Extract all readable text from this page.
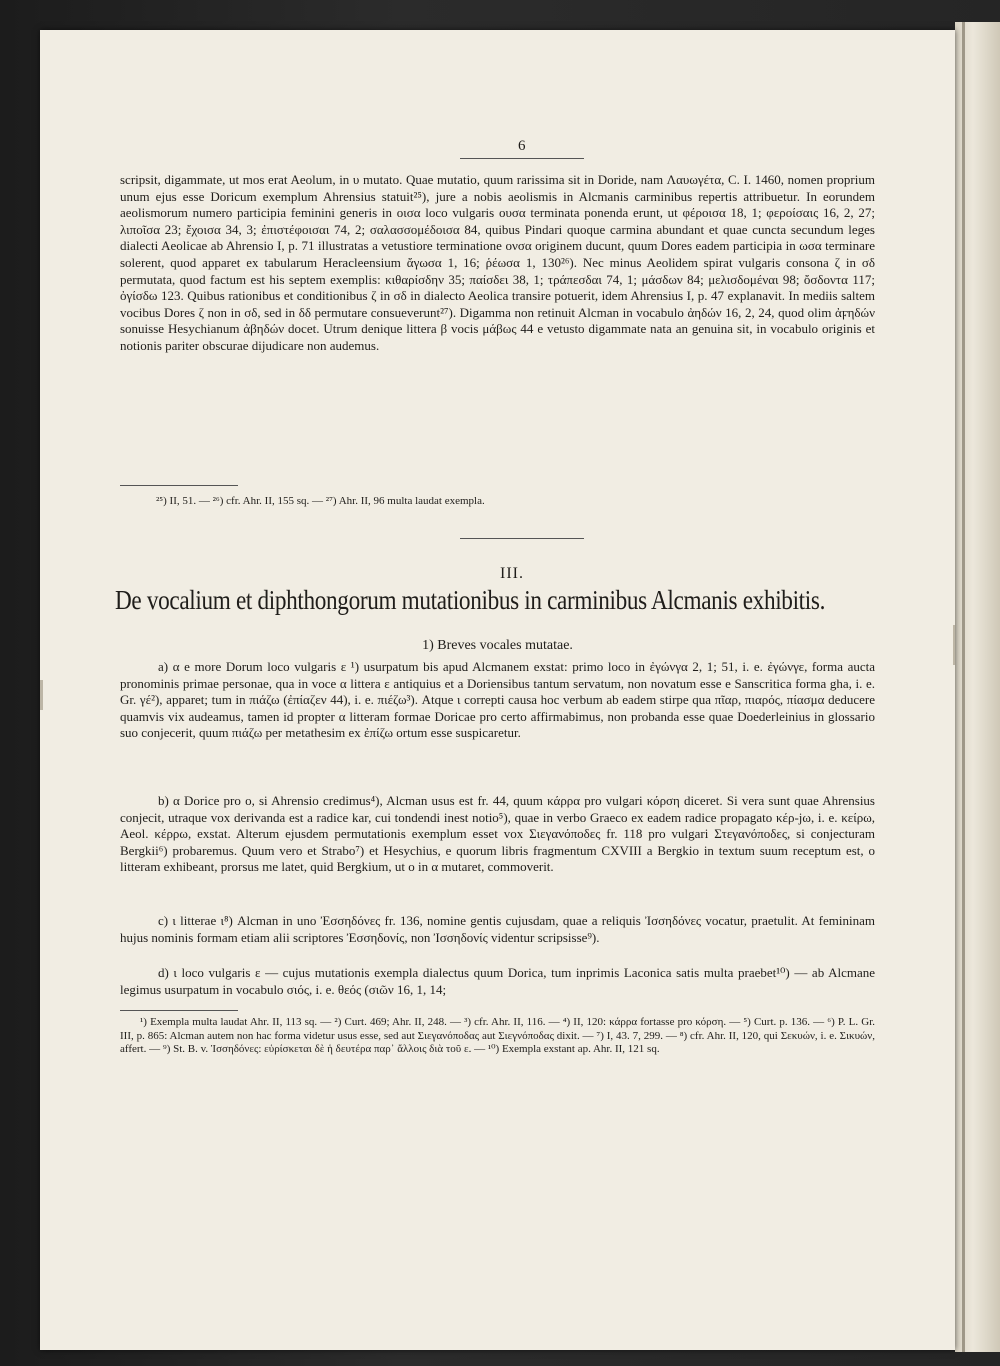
6

scripsit, digammate, ut mos erat Aeolum, in υ mutato. Quae mutatio, quum rarissima sit in Doride, nam Λαυωγέτα, C. I. 1460, nomen proprium unum ejus esse Doricum exemplum Ahrensius statuit²⁵), jure a nobis aeolismis in Alcmanis carminibus repertis attribuetur. In eorundem aeolismorum numero participia feminini generis in οισα loco vulgaris ουσα terminata ponenda erunt, ut φέροισα 18, 1; φεροίσαις 16, 2, 27; λιποῖσα 23; ἔχοισα 34, 3; ἐπιστέφοισαι 74, 2; σαλασσομέδοισα 84, quibus Pindari quoque carmina abundant et quae cuncta secundum leges dialecti Aeolicae ab Ahrensio I, p. 71 illustratas a vetustiore terminatione ονσα originem ducunt, quum Dores eadem participia in ωσα terminare solerent, quod apparet ex tabularum Heracleensium ἄγωσα 1, 16; ῥέωσα 1, 130²⁶). Nec minus Aeolidem spirat vulgaris consona ζ in σδ permutata, quod factum est his septem exemplis: κιθαρίσδην 35; παίσδει 38, 1; τράπεσδαι 74, 1; μάσδων 84; μελισδομέναι 98; ὄσδοντα 117; ὀγίσδω 123. Quibus rationibus et conditionibus ζ in σδ in dialecto Aeolica transire potuerit, idem Ahrensius I, p. 47 explanavit. In mediis saltem vocibus Dores ζ non in σδ, sed in δδ permutare consueverunt²⁷). Digamma non retinuit Alcman in vocabulo ἀηδών 16, 2, 24, quod olim ἀϝηδών sonuisse Hesychianum ἀβηδών docet. Utrum denique littera β vocis μάβως 44 e vetusto digammate nata an genuina sit, in vocabulo originis et notionis pariter obscurae dijudicare non audemus.

²⁵) II, 51. — ²⁶) cfr. Ahr. II, 155 sq. — ²⁷) Ahr. II, 96 multa laudat exempla.
III.
De vocalium et diphthongorum mutationibus in carminibus Alcmanis exhibitis.
1) Breves vocales mutatae.

a) α e more Dorum loco vulgaris ε ¹) usurpatum bis apud Alcmanem exstat: primo loco in ἐγώνγα 2, 1; 51, i. e. ἐγώνγε, forma aucta pronominis primae personae, qua in voce α littera ε antiquius et a Doriensibus tantum servatum, non novatum esse e Sanscritica forma gha, i. e. Gr. γέ²), apparet; tum in πιάζω (ἐπίαζεν 44), i. e. πιέζω³). Atque ι correpti causa hoc verbum ab eadem stirpe qua πῖαρ, πιαρός, πίασμα deducere quamvis vix audeamus, tamen id propter α litteram formae Doricae pro certo affirmabimus, non probanda esse quae Doederleinius in glossario suo conjecerit, quum πιάζω per metathesim ex ἐπίζω ortum esse suspicaretur.

b) α Dorice pro ο, si Ahrensio credimus⁴), Alcman usus est fr. 44, quum κάρρα pro vulgari κόρση diceret. Si vera sunt quae Ahrensius conjecit, utraque vox derivanda est a radice kar, cui tondendi inest notio⁵), quae in verbo Graeco ex eadem radice propagato κέρ-jω, i. e. κείρω, Aeol. κέρρω, exstat. Alterum ejusdem permutationis exemplum esset vox Σιεγανόποδες fr. 118 pro vulgari Στεγανόποδες, si conjecturam Bergkii⁶) probaremus. Quum vero et Strabo⁷) et Hesychius, e quorum libris fragmentum CXVIII a Bergkio in textum suum receptum est, ο litteram exhibeant, prorsus me latet, quid Bergkium, ut ο in α mutaret, commoverit.

c) ι litterae ι⁸) Alcman in uno Ἐσσηδόνες fr. 136, nomine gentis cujusdam, quae a reliquis Ἰσσηδόνες vocatur, praetulit. At femininam hujus nominis formam etiam alii scriptores Ἐσσηδονίς, non Ἰσσηδονίς videntur scripsisse⁹).

d) ι loco vulgaris ε — cujus mutationis exempla dialectus quum Dorica, tum inprimis Laconica satis multa praebet¹⁰) — ab Alcmane legimus usurpatum in vocabulo σιός, i. e. θεός (σιῶν 16, 1, 14;

¹) Exempla multa laudat Ahr. II, 113 sq. — ²) Curt. 469; Ahr. II, 248. — ³) cfr. Ahr. II, 116. — ⁴) II, 120: κάρρα fortasse pro κόρση. — ⁵) Curt. p. 136. — ⁶) P. L. Gr. III, p. 865: Alcman autem non hac forma videtur usus esse, sed aut Σιεγανόποδας aut Σιεγνόποδας dixit. — ⁷) I, 43. 7, 299. — ⁸) cfr. Ahr. II, 120, qui Σεκυών, i. e. Σικυών, affert. — ⁹) St. B. v. Ἰσσηδόνες: εὑρίσκεται δὲ ἡ δευτέρα παρ᾽ ἄλλοις διὰ τοῦ ε. — ¹⁰) Exempla exstant ap. Ahr. II, 121 sq.
